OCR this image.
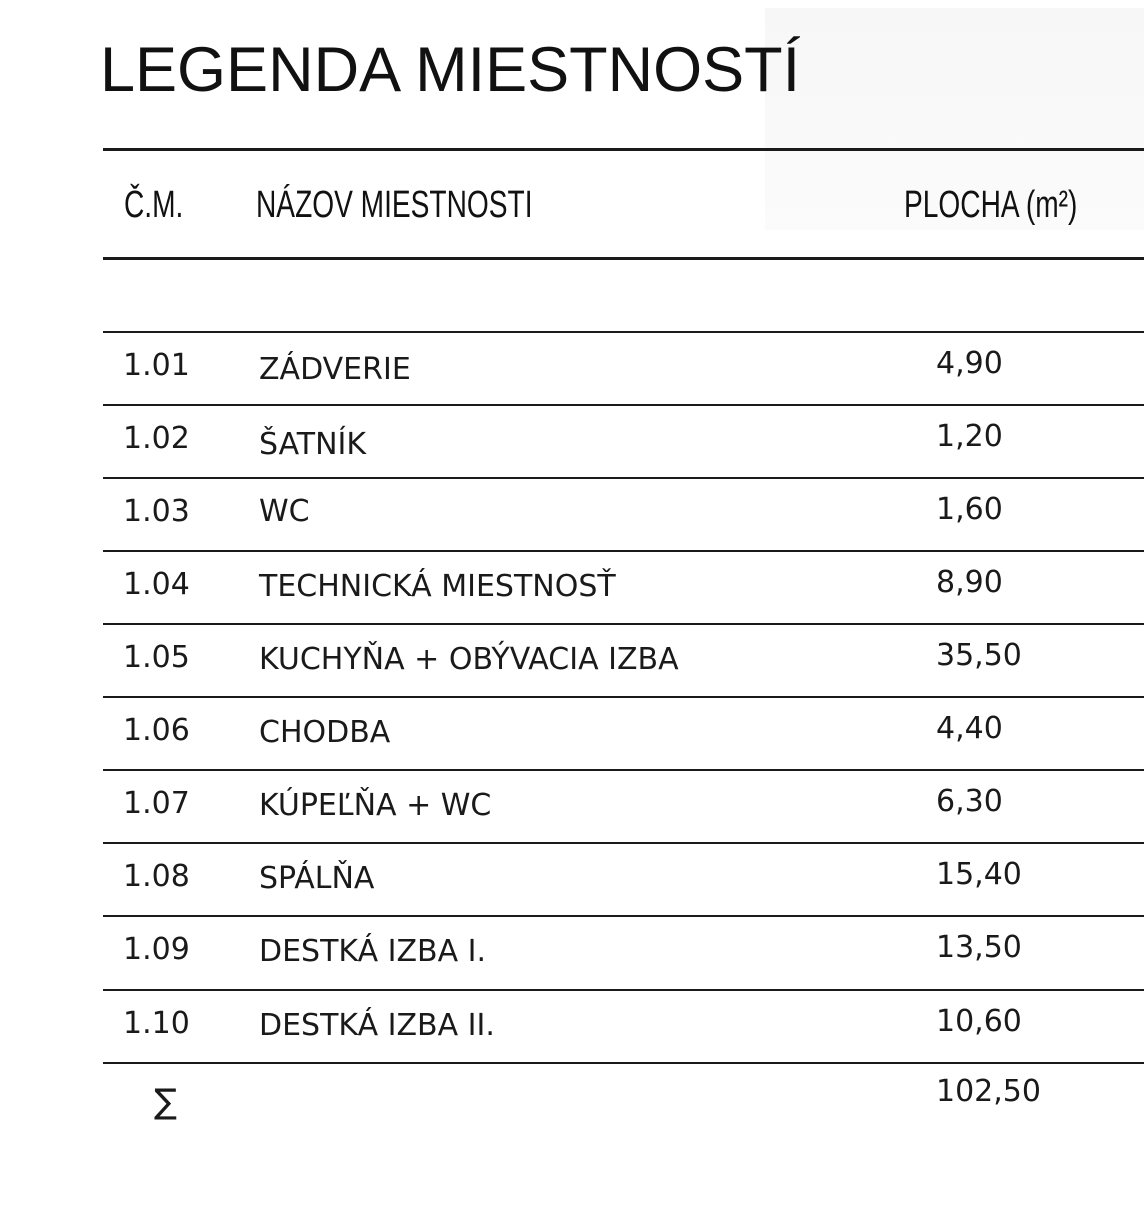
LEGENDA MIESTNOSTÍ
Č.M. NÁZOV MIESTNOSTI	PLOCHA (m²)
1.01 ZÁDVERIE	4,90
1.02 ŠATNÍK	1,20
1.03 WC	1,60
1.04 TECHNICKÁ MIESTNOSŤ	8,90
1.05 KUCHYŇA + OBÝVACIA IZBA	35,50
1.06 CHODBA	4,40
1.07 KÚPEĽŇA + WC	6,30
1.08 SPÁLŇA	15,40
1.09 DESTKÁ IZBA I.	13,50
1.10 DESTKÁ IZBA II.	10,60
∑	102,50
